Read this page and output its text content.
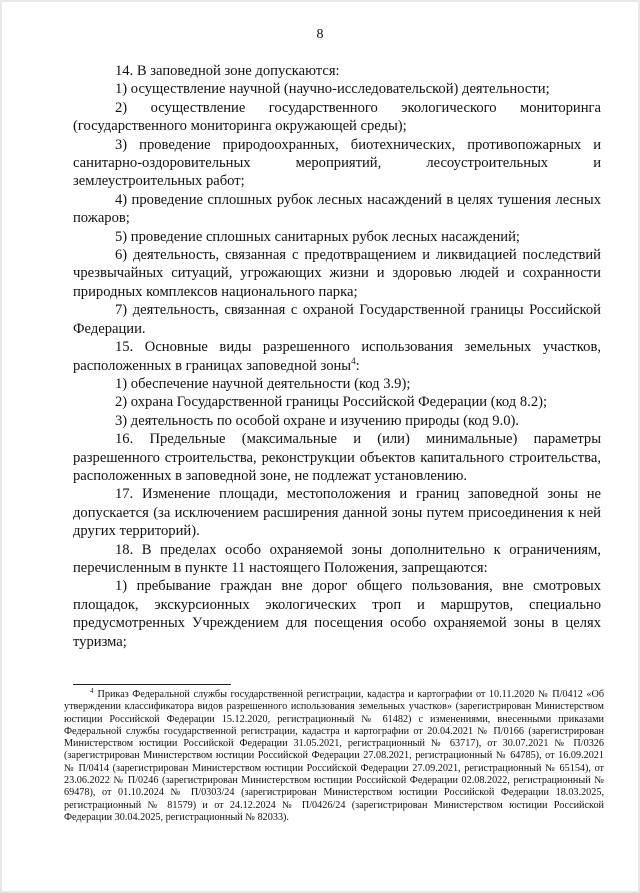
8

14. В заповедной зоне допускаются:

1) осуществление научной (научно-исследовательской) деятельности;

2) осуществление государственного экологического мониторинга (государственного мониторинга окружающей среды);

3) проведение природоохранных, биотехнических, противопожарных и санитарно-оздоровительных мероприятий, лесоустроительных и землеустроительных работ;

4) проведение сплошных рубок лесных насаждений в целях тушения лесных пожаров;

5) проведение сплошных санитарных рубок лесных насаждений;

6) деятельность, связанная с предотвращением и ликвидацией последствий чрезвычайных ситуаций, угрожающих жизни и здоровью людей и сохранности природных комплексов национального парка;

7) деятельность, связанная с охраной Государственной границы Российской Федерации.

15. Основные виды разрешенного использования земельных участков, расположенных в границах заповедной зоны$^4$:

1) обеспечение научной деятельности (код 3.9);

2) охрана Государственной границы Российской Федерации (код 8.2);

3) деятельность по особой охране и изучению природы (код 9.0).

16. Предельные (максимальные и (или) минимальные) параметры разрешенного строительства, реконструкции объектов капитального строительства, расположенных в заповедной зоне, не подлежат установлению.

17. Изменение площади, местоположения и границ заповедной зоны не допускается (за исключением расширения данной зоны путем присоединения к ней других территорий).

18. В пределах особо охраняемой зоны дополнительно к ограничениям, перечисленным в пункте 11 настоящего Положения, запрещаются:

1) пребывание граждан вне дорог общего пользования, вне смотровых площадок, экскурсионных экологических троп и маршрутов, специально предусмотренных Учреждением для посещения особо охраняемой зоны в целях туризма;

$^4$ Приказ Федеральной службы государственной регистрации, кадастра и картографии от 10.11.2020 № П/0412 «Об утверждении классификатора видов разрешенного использования земельных участков» (зарегистрирован Министерством юстиции Российской Федерации 15.12.2020, регистрационный № 61482) с изменениями, внесенными приказами Федеральной службы государственной регистрации, кадастра и картографии от 20.04.2021 № П/0166 (зарегистрирован Министерством юстиции Российской Федерации 31.05.2021, регистрационный № 63717), от 30.07.2021 № П/0326 (зарегистрирован Министерством юстиции Российской Федерации 27.08.2021, регистрационный № 64785), от 16.09.2021 № П/0414 (зарегистрирован Министерством юстиции Российской Федерации 27.09.2021, регистрационный № 65154), от 23.06.2022 № П/0246 (зарегистрирован Министерством юстиции Российской Федерации 02.08.2022, регистрационный № 69478), от 01.10.2024 № П/0303/24 (зарегистрирован Министерством юстиции Российской Федерации 18.03.2025, регистрационный № 81579) и от 24.12.2024 № П/0426/24 (зарегистрирован Министерством юстиции Российской Федерации 30.04.2025, регистрационный № 82033).
